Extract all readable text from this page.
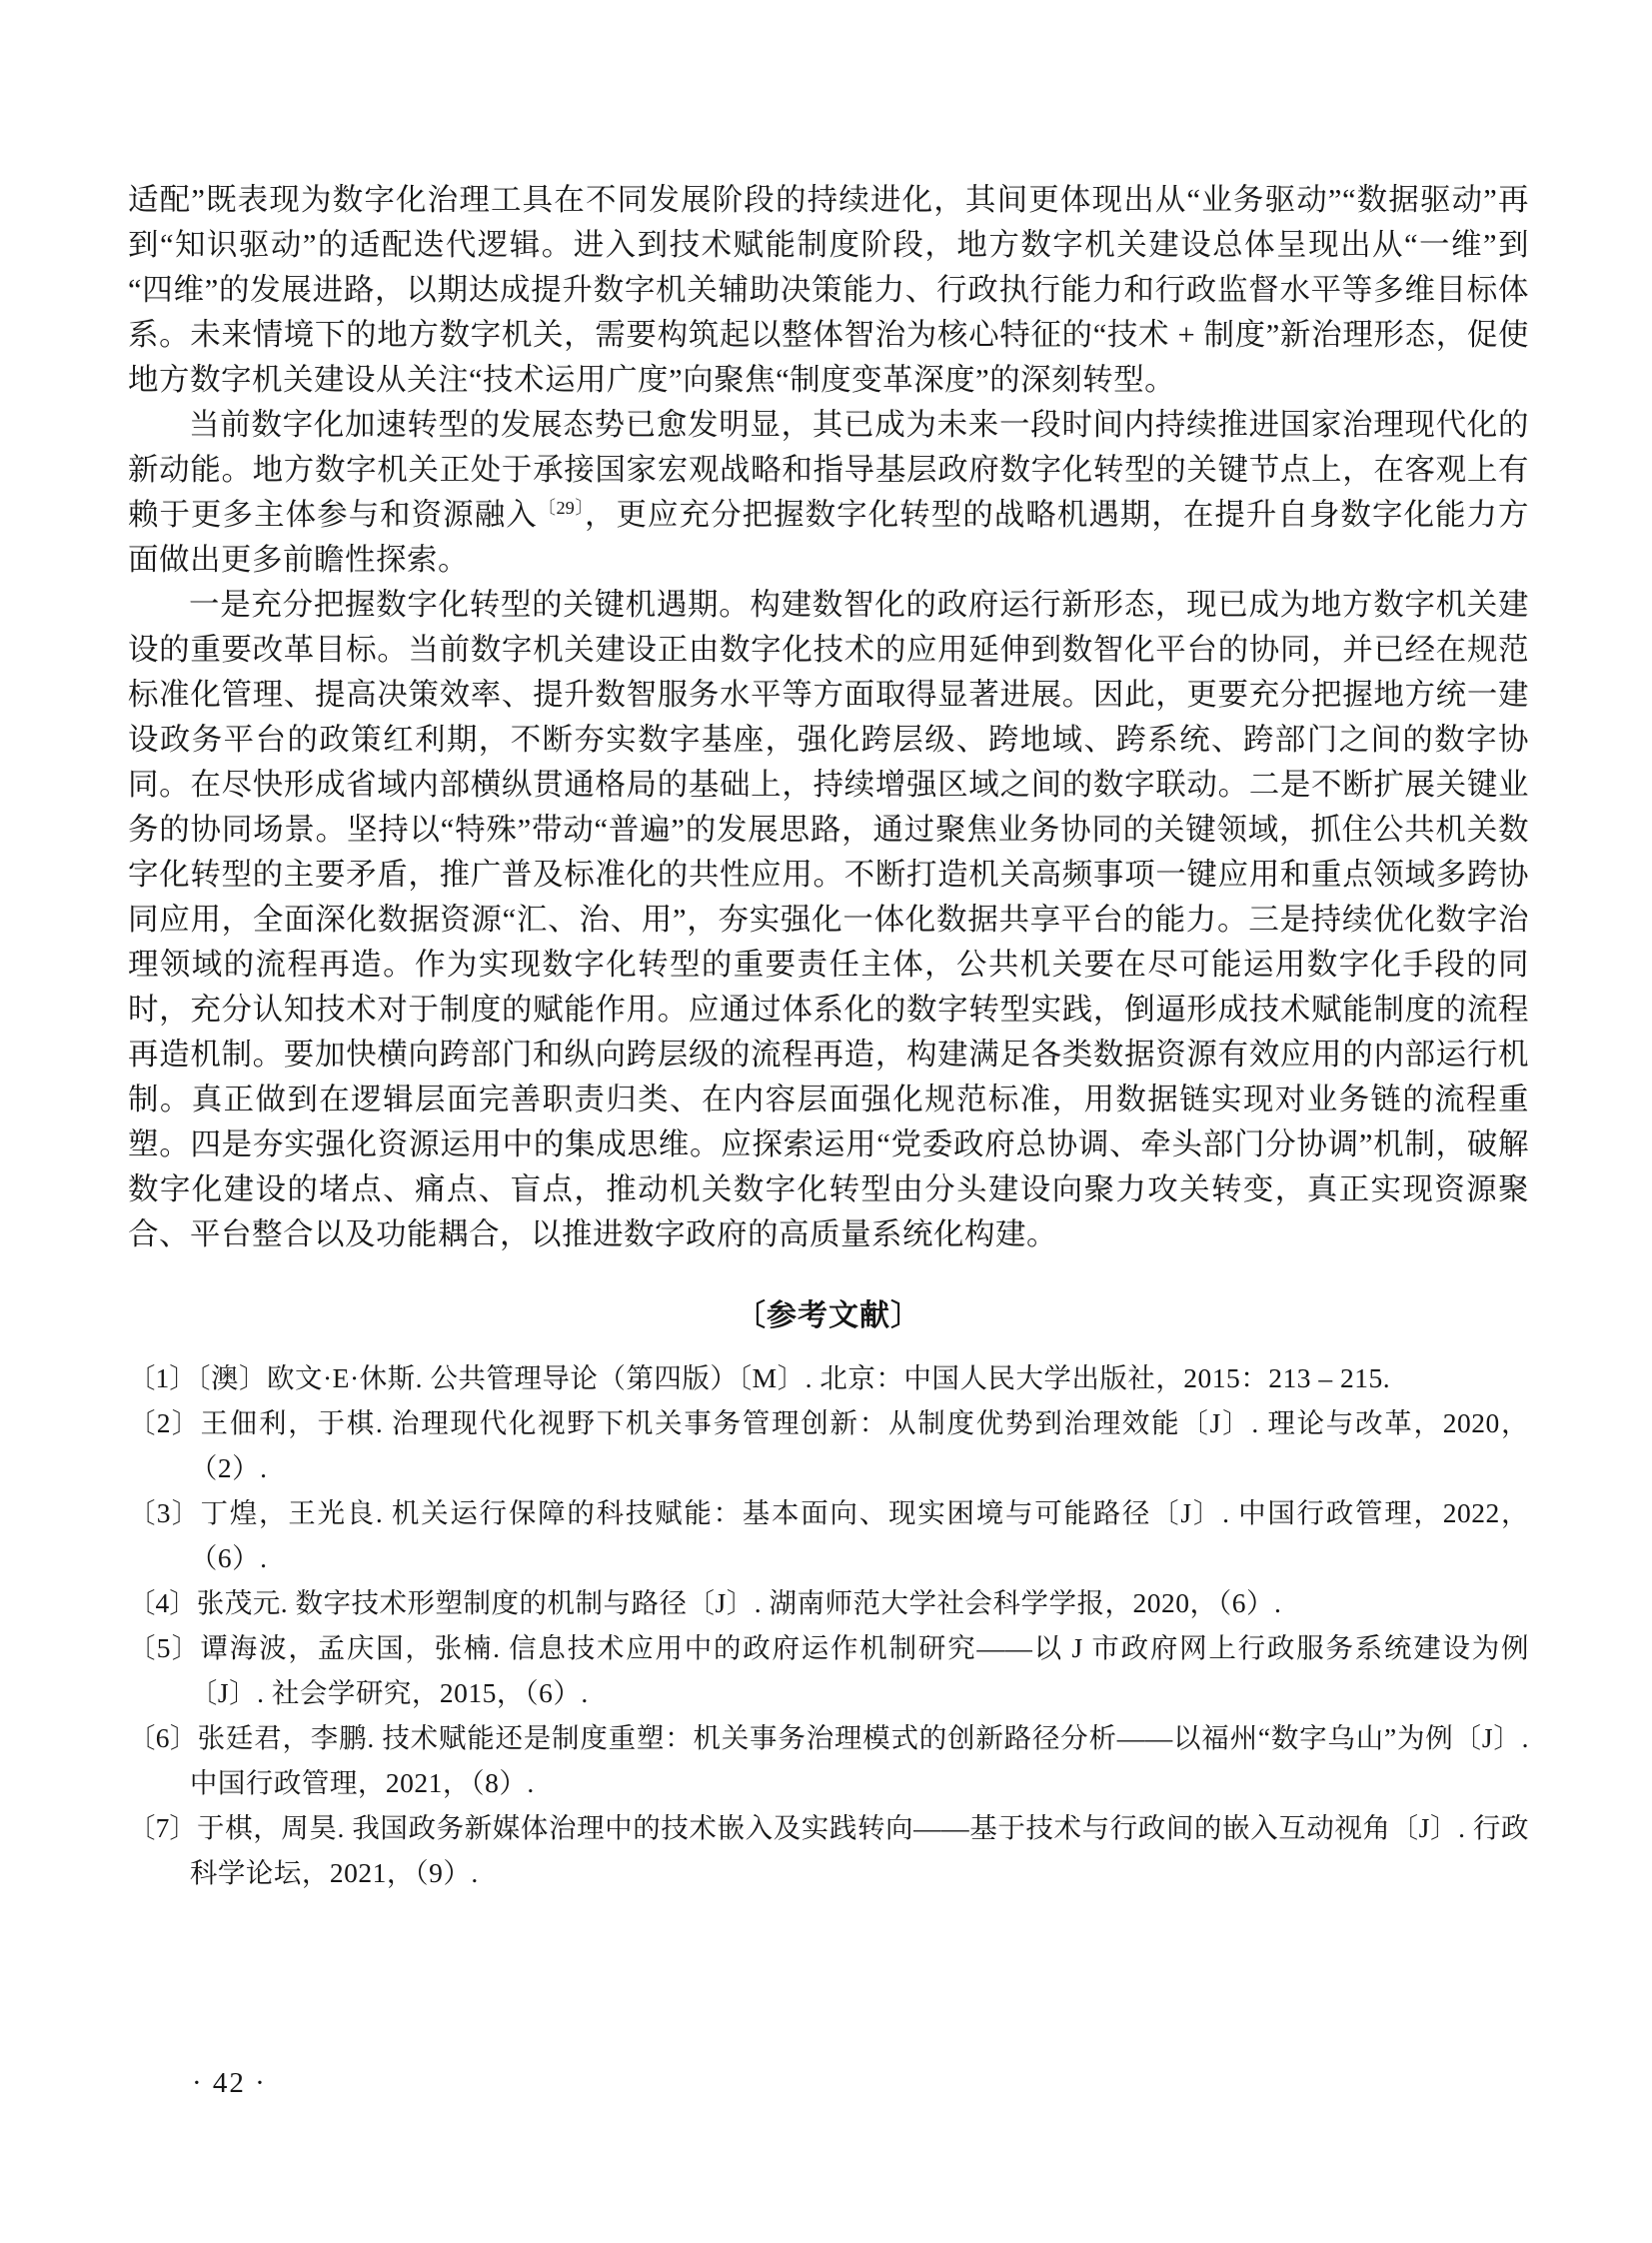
适配”既表现为数字化治理工具在不同发展阶段的持续进化，其间更体现出从“业务驱动”“数据驱动”再到“知识驱动”的适配迭代逻辑。进入到技术赋能制度阶段，地方数字机关建设总体呈现出从“一维”到“四维”的发展进路，以期达成提升数字机关辅助决策能力、行政执行能力和行政监督水平等多维目标体系。未来情境下的地方数字机关，需要构筑起以整体智治为核心特征的“技术 + 制度”新治理形态，促使地方数字机关建设从关注“技术运用广度”向聚焦“制度变革深度”的深刻转型。

当前数字化加速转型的发展态势已愈发明显，其已成为未来一段时间内持续推进国家治理现代化的新动能。地方数字机关正处于承接国家宏观战略和指导基层政府数字化转型的关键节点上，在客观上有赖于更多主体参与和资源融入$^{〔29〕}$，更应充分把握数字化转型的战略机遇期，在提升自身数字化能力方面做出更多前瞻性探索。

一是充分把握数字化转型的关键机遇期。构建数智化的政府运行新形态，现已成为地方数字机关建设的重要改革目标。当前数字机关建设正由数字化技术的应用延伸到数智化平台的协同，并已经在规范标准化管理、提高决策效率、提升数智服务水平等方面取得显著进展。因此，更要充分把握地方统一建设政务平台的政策红利期，不断夯实数字基座，强化跨层级、跨地域、跨系统、跨部门之间的数字协同。在尽快形成省域内部横纵贯通格局的基础上，持续增强区域之间的数字联动。二是不断扩展关键业务的协同场景。坚持以“特殊”带动“普遍”的发展思路，通过聚焦业务协同的关键领域，抓住公共机关数字化转型的主要矛盾，推广普及标准化的共性应用。不断打造机关高频事项一键应用和重点领域多跨协同应用，全面深化数据资源“汇、治、用”，夯实强化一体化数据共享平台的能力。三是持续优化数字治理领域的流程再造。作为实现数字化转型的重要责任主体，公共机关要在尽可能运用数字化手段的同时，充分认知技术对于制度的赋能作用。应通过体系化的数字转型实践，倒逼形成技术赋能制度的流程再造机制。要加快横向跨部门和纵向跨层级的流程再造，构建满足各类数据资源有效应用的内部运行机制。真正做到在逻辑层面完善职责归类、在内容层面强化规范标准，用数据链实现对业务链的流程重塑。四是夯实强化资源运用中的集成思维。应探索运用“党委政府总协调、牵头部门分协调”机制，破解数字化建设的堵点、痛点、盲点，推动机关数字化转型由分头建设向聚力攻关转变，真正实现资源聚合、平台整合以及功能耦合，以推进数字政府的高质量系统化构建。

〔参考文献〕
〔1〕〔澳〕欧文·E·休斯. 公共管理导论（第四版）〔M〕. 北京：中国人民大学出版社，2015：213 – 215.
〔2〕王佃利，于棋. 治理现代化视野下机关事务管理创新：从制度优势到治理效能〔J〕. 理论与改革，2020，（2）.
〔3〕丁煌，王光良. 机关运行保障的科技赋能：基本面向、现实困境与可能路径〔J〕. 中国行政管理，2022，（6）.
〔4〕张茂元. 数字技术形塑制度的机制与路径〔J〕. 湖南师范大学社会科学学报，2020，（6）.
〔5〕谭海波，孟庆国，张楠. 信息技术应用中的政府运作机制研究——以 J 市政府网上行政服务系统建设为例〔J〕. 社会学研究，2015，（6）.
〔6〕张廷君，李鹏. 技术赋能还是制度重塑：机关事务治理模式的创新路径分析——以福州“数字乌山”为例〔J〕. 中国行政管理，2021，（8）.
〔7〕于棋，周昊. 我国政务新媒体治理中的技术嵌入及实践转向——基于技术与行政间的嵌入互动视角〔J〕. 行政科学论坛，2021，（9）.
· 42 ·
